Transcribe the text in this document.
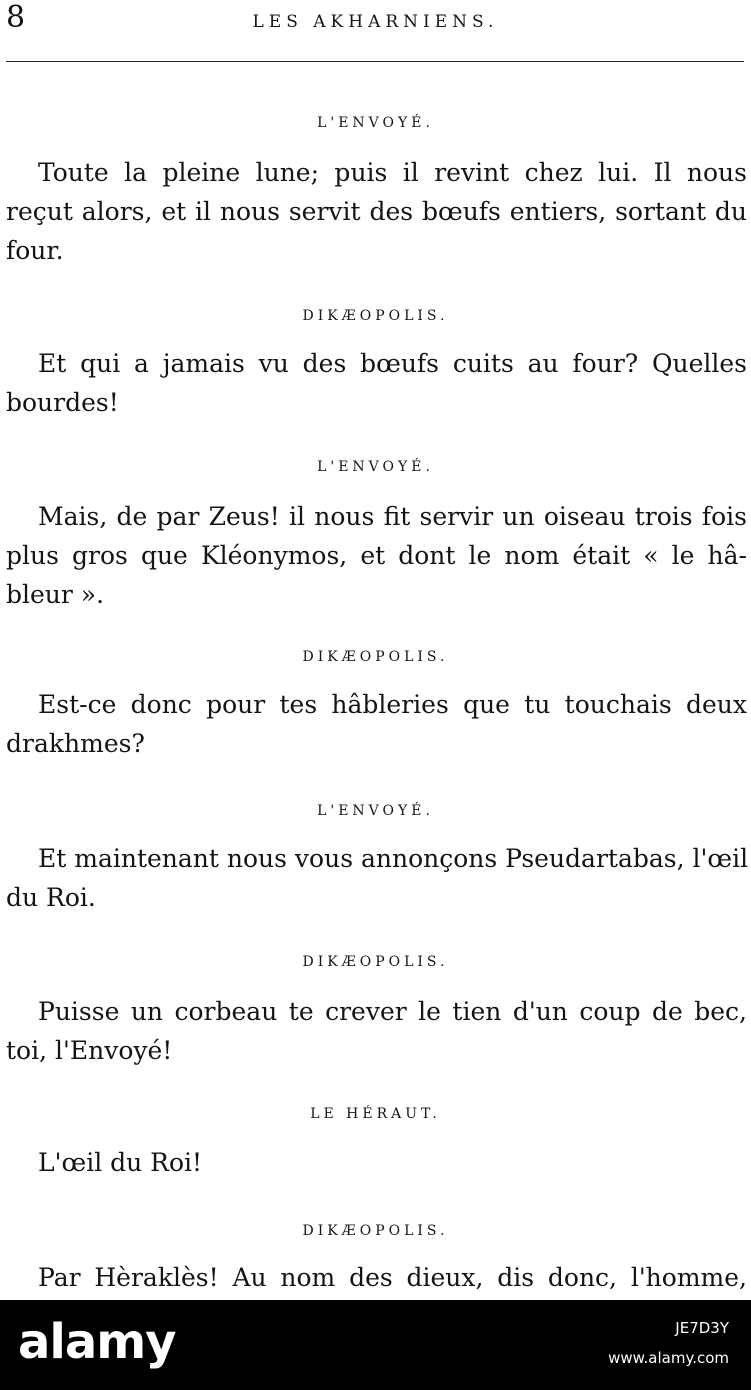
8	LES AKHARNIENS.
L'ENVOYÉ.
Toute la pleine lune; puis il revint chez lui. Il nous
reçut alors, et il nous servit des bœufs entiers, sortant du
four.
DIKÆOPOLIS.
Et qui a jamais vu des bœufs cuits au four? Quelles
bourdes!
L'ENVOYÉ.
Mais, de par Zeus! il nous fit servir un oiseau trois fois
plus gros que Kléonymos, et dont le nom était « le hâ-
bleur ».
DIKÆOPOLIS.
Est-ce donc pour tes hâbleries que tu touchais deux
drakhmes?
L'ENVOYÉ.
Et maintenant nous vous annonçons Pseudartabas, l'œil
du Roi.
DIKÆOPOLIS.
Puisse un corbeau te crever le tien d'un coup de bec,
toi, l'Envoyé!
LE HÉRAUT.
L'œil du Roi!
DIKÆOPOLIS.
Par Hèraklès! Au nom des dieux, dis donc, l'homme,
alamy	JE7D3Y
www.alamy.com
